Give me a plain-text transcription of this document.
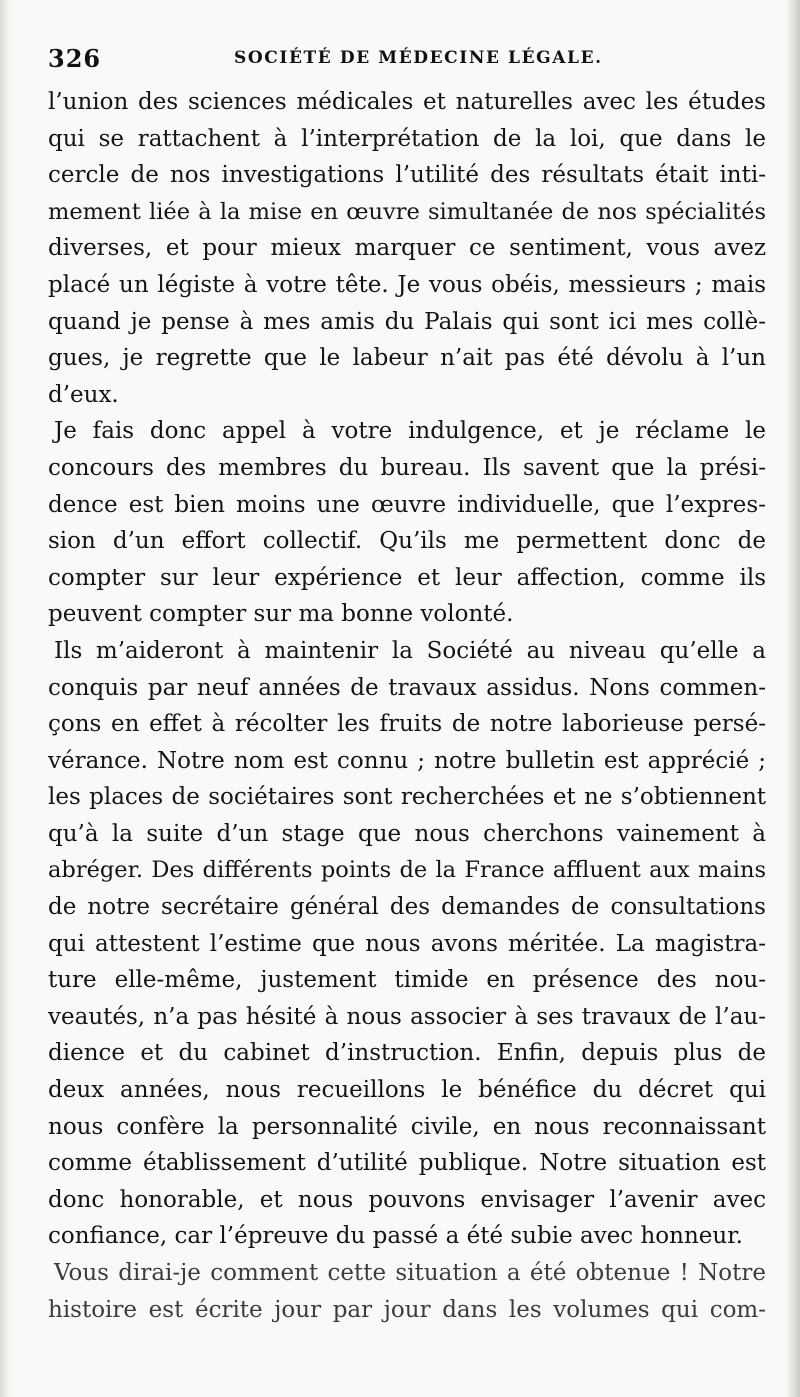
326	SOCIÉTÉ DE MÉDECINE LÉGALE.
l’union des sciences médicales et naturelles avec les études
qui se rattachent à l’interprétation de la loi, que dans le
cercle de nos investigations l’utilité des résultats était inti-
mement liée à la mise en œuvre simultanée de nos spécialités
diverses, et pour mieux marquer ce sentiment, vous avez
placé un légiste à votre tête. Je vous obéis, messieurs ; mais
quand je pense à mes amis du Palais qui sont ici mes collè-
gues, je regrette que le labeur n’ait pas été dévolu à l’un
d’eux.
Je fais donc appel à votre indulgence, et je réclame le
concours des membres du bureau. Ils savent que la prési-
dence est bien moins une œuvre individuelle, que l’expres-
sion d’un effort collectif. Qu’ils me permettent donc de
compter sur leur expérience et leur affection, comme ils
peuvent compter sur ma bonne volonté.
Ils m’aideront à maintenir la Société au niveau qu’elle a
conquis par neuf années de travaux assidus. Nons commen-
çons en effet à récolter les fruits de notre laborieuse persé-
vérance. Notre nom est connu ; notre bulletin est apprécié ;
les places de sociétaires sont recherchées et ne s’obtiennent
qu’à la suite d’un stage que nous cherchons vainement à
abréger. Des différents points de la France affluent aux mains
de notre secrétaire général des demandes de consultations
qui attestent l’estime que nous avons méritée. La magistra-
ture elle-même, justement timide en présence des nou-
veautés, n’a pas hésité à nous associer à ses travaux de l’au-
dience et du cabinet d’instruction. Enfin, depuis plus de
deux années, nous recueillons le bénéfice du décret qui
nous confère la personnalité civile, en nous reconnaissant
comme établissement d’utilité publique. Notre situation est
donc honorable, et nous pouvons envisager l’avenir avec
confiance, car l’épreuve du passé a été subie avec honneur.
Vous dirai-je comment cette situation a été obtenue ! Notre
histoire est écrite jour par jour dans les volumes qui com-
